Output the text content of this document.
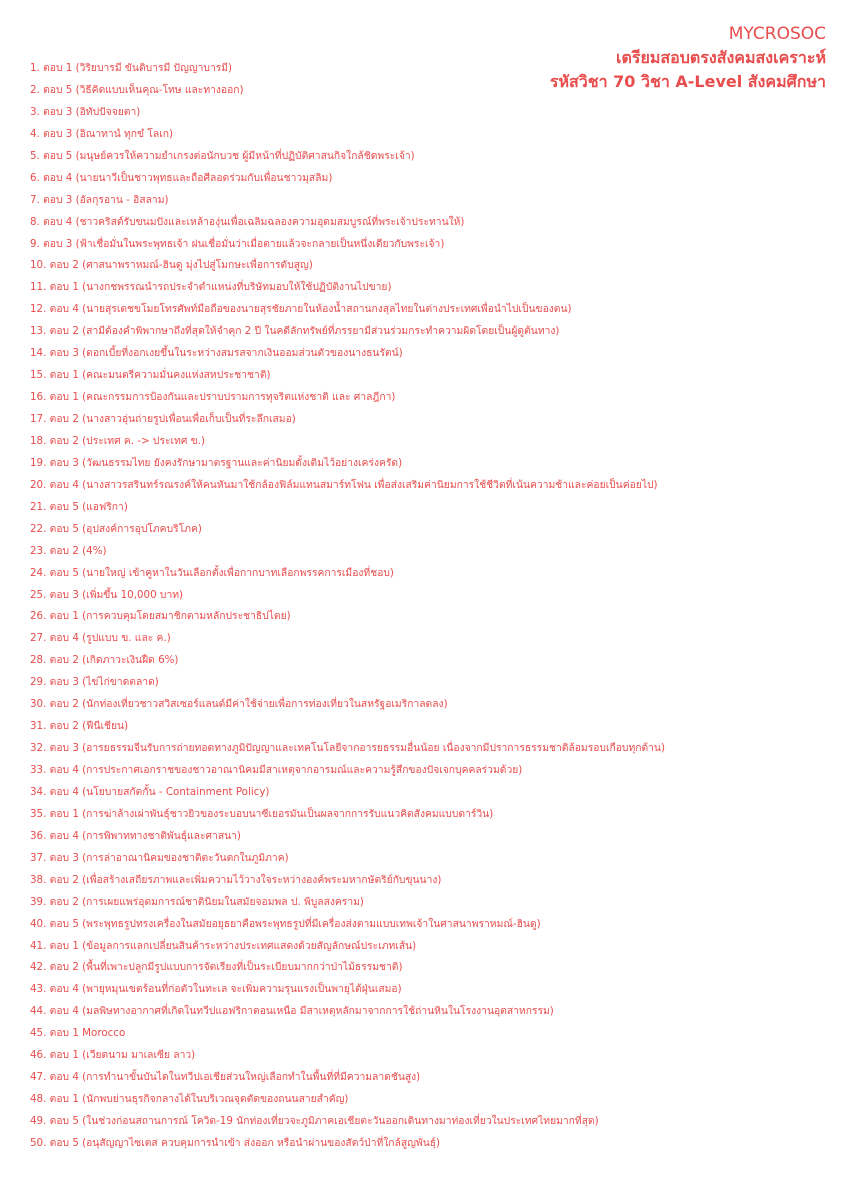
MYCROSOC
เตรียมสอบตรงสังคมสงเคราะห์
รหัสวิชา 70 วิชา A-Level สังคมศึกษา
1. ตอบ 1 (วิริยบารมี ขันติบารมี ปัญญาบารมี)
2. ตอบ 5 (วิธีคิดแบบเห็นคุณ-โทษ และทางออก)
3. ตอบ 3 (อิทัปปัจจยตา)
4. ตอบ 3 (อิณาทานํ ทุกขํ โลเก)
5. ตอบ 5 (มนุษย์ควรให้ความยำเกรงต่อนักบวช ผู้มีหน้าที่ปฏิบัติศาสนกิจใกล้ชิดพระเจ้า)
6. ตอบ 4 (นายนาวีเป็นชาวพุทธและถือศีลอดร่วมกับเพื่อนชาวมุสลิม)
7. ตอบ 3 (อัลกุรอาน - อิสลาม)
8. ตอบ 4 (ชาวคริสต์รับขนมปังและเหล้าองุ่นเพื่อเฉลิมฉลองความอุดมสมบูรณ์ที่พระเจ้าประทานให้)
9. ตอบ 3 (ฟ้าเชื่อมั่นในพระพุทธเจ้า ฝนเชื่อมั่นว่าเมื่อตายแล้วจะกลายเป็นหนึ่งเดียวกับพระเจ้า)
10. ตอบ 2 (ศาสนาพราหมณ์-ฮินดู มุ่งไปสู่โมกษะเพื่อการดับสูญ)
11. ตอบ 1 (นางกชพรรณนำรถประจำตำแหน่งที่บริษัทมอบให้ใช้ปฏิบัติงานไปขาย)
12. ตอบ 4 (นายสุรเดชขโมยโทรศัพท์มือถือของนายสุรชัยภายในห้องน้ำสถานกงสุลไทยในต่างประเทศเพื่อนำไปเป็นของตน)
13. ตอบ 2 (สามีต้องคำพิพากษาถึงที่สุดให้จำคุก 2 ปี ในคดีลักทรัพย์ที่ภรรยามีส่วนร่วมกระทำความผิดโดยเป็นผู้ดูต้นทาง)
14. ตอบ 3 (ดอกเบี้ยที่งอกเงยขึ้นในระหว่างสมรสจากเงินออมส่วนตัวของนางธนรัตน์)
15. ตอบ 1 (คณะมนตรีความมั่นคงแห่งสหประชาชาติ)
16. ตอบ 1 (คณะกรรมการป้องกันและปราบปรามการทุจริตแห่งชาติ และ ศาลฎีกา)
17. ตอบ 2 (นางสาวอุ่นถ่ายรูปเพื่อนเพื่อเก็บเป็นที่ระลึกเสมอ)
18. ตอบ 2 (ประเทศ ค. -> ประเทศ ข.)
19. ตอบ 3 (วัฒนธรรมไทย ยังคงรักษามาตรฐานและค่านิยมดั้งเดิมไว้อย่างเคร่งครัด)
20. ตอบ 4 (นางสาวรสรินทร์รณรงค์ให้คนหันมาใช้กล้องฟิล์มแทนสมาร์ทโฟน เพื่อส่งเสริมค่านิยมการใช้ชีวิตที่เน้นความช้าและค่อยเป็นค่อยไป)
21. ตอบ 5 (แอฟริกา)
22. ตอบ 5 (อุปสงค์การอุปโภคบริโภค)
23. ตอบ 2 (4%)
24. ตอบ 5 (นายใหญ่ เข้าคูหาในวันเลือกตั้งเพื่อกากบาทเลือกพรรคการเมืองที่ชอบ)
25. ตอบ 3 (เพิ่มขึ้น 10,000 บาท)
26. ตอบ 1 (การควบคุมโดยสมาชิกตามหลักประชาธิปไตย)
27. ตอบ 4 (รูปแบบ ข. และ ค.)
28. ตอบ 2 (เกิดภาวะเงินฝืด 6%)
29. ตอบ 3 (ไข่ไก่ขาดตลาด)
30. ตอบ 2 (นักท่องเที่ยวชาวสวิสเซอร์แลนด์มีค่าใช้จ่ายเพื่อการท่องเที่ยวในสหรัฐอเมริกาลดลง)
31. ตอบ 2 (ฟีนีเชียน)
32. ตอบ 3 (อารยธรรมจีนรับการถ่ายทอดทางภูมิปัญญาและเทคโนโลยีจากอารยธรรมอื่นน้อย เนื่องจากมีปราการธรรมชาติล้อมรอบเกือบทุกด้าน)
33. ตอบ 4 (การประกาศเอกราชของชาวอาณานิคมมีสาเหตุจากอารมณ์และความรู้สึกของปัจเจกบุคคลร่วมด้วย)
34. ตอบ 4 (นโยบายสกัดกั้น - Containment Policy)
35. ตอบ 1 (การฆ่าล้างเผ่าพันธุ์ชาวยิวของระบอบนาซีเยอรมันเป็นผลจากการรับแนวคิดสังคมแบบดาร์วิน)
36. ตอบ 4 (การพิพาททางชาติพันธุ์และศาสนา)
37. ตอบ 3 (การล่าอาณานิคมของชาติตะวันตกในภูมิภาค)
38. ตอบ 2 (เพื่อสร้างเสถียรภาพและเพิ่มความไว้วางใจระหว่างองค์พระมหากษัตริย์กับขุนนาง)
39. ตอบ 2 (การเผยแพร่อุดมการณ์ชาตินิยมในสมัยจอมพล ป. พิบูลสงคราม)
40. ตอบ 5 (พระพุทธรูปทรงเครื่องในสมัยอยุธยาคือพระพุทธรูปที่มีเครื่องส่งตามแบบเทพเจ้าในศาสนาพราหมณ์-ฮินดู)
41. ตอบ 1 (ข้อมูลการแลกเปลี่ยนสินค้าระหว่างประเทศแสดงด้วยสัญลักษณ์ประเภทเส้น)
42. ตอบ 2 (พื้นที่เพาะปลูกมีรูปแบบการจัดเรียงที่เป็นระเบียบมากกว่าป่าไม้ธรรมชาติ)
43. ตอบ 4 (พายุหมุนเขตร้อนที่ก่อตัวในทะเล จะเพิ่มความรุนแรงเป็นพายุได้ฝุ่นเสมอ)
44. ตอบ 4 (มลพิษทางอากาศที่เกิดในทวีปแอฟริกาตอนเหนือ มีสาเหตุหลักมาจากการใช้ถ่านหินในโรงงานอุตสาหกรรม)
45. ตอบ 1 Morocco
46. ตอบ 1 (เวียดนาม มาเลเซีย ลาว)
47. ตอบ 4 (การทำนาขั้นบันไดในทวีปเอเชียส่วนใหญ่เลือกทำในพื้นที่ที่มีความลาดชันสูง)
48. ตอบ 1 (นักพบย่านธุรกิจกลางได้ในบริเวณจุดตัดของถนนสายสำคัญ)
49. ตอบ 5 (ในช่วงก่อนสถานการณ์ โควิด-19 นักท่องเที่ยวจะภูมิภาคเอเชียตะวันออกเดินทางมาท่องเที่ยวในประเทศไทยมากที่สุด)
50. ตอบ 5 (อนุสัญญาไซเตส ควบคุมการนำเข้า ส่งออก หรือนำผ่านของสัตว์ป่าที่ใกล้สูญพันธุ์)
